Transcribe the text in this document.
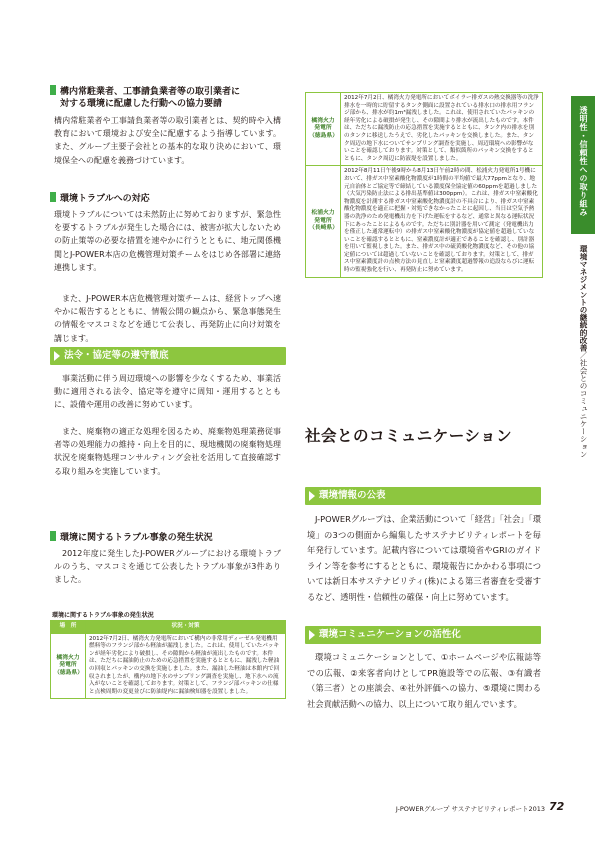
構内常駐業者、工事請負業者等の取引業者に
対する環境に配慮した行動への協力要請
構内常駐業者や工事請負業者等の取引業者とは、契約時や入構教育において環境および安全に配慮するよう指導しています。また、グループ主要子会社との基本的な取り決めにおいて、環境保全への配慮を義務づけています。
環境トラブルへの対応
環境トラブルについては未然防止に努めておりますが、緊急性を要するトラブルが発生した場合には、被害が拡大しないための防止策等の必要な措置を速やかに行うとともに、地元関係機関とJ-POWER本店の危機管理対策チームをはじめ各部署に連絡連携します。
また、J-POWER本店危機管理対策チームは、経営トップへ速やかに報告するとともに、情報公開の観点から、緊急事態発生の情報をマスコミなどを通じて公表し、再発防止に向け対策を講じます。
法令・協定等の遵守徹底
事業活動に伴う周辺環境への影響を少なくするため、事業活動に適用される法令、協定等を遵守に周知・運用するとともに、設備や運用の改善に努めています。
また、廃棄物の適正な処理を図るため、廃棄物処理業務従事者等の処理能力の維持・向上を目的に、現地機関の廃棄物処理状況を廃棄物処理コンサルティング会社を活用して直接確認する取り組みを実施しています。
環境に関するトラブル事象の発生状況
2012年度に発生したJ-POWERグループにおける環境トラブルのうち、マスコミを通じて公表したトラブル事象が3件ありました。
環境に関するトラブル事象の発生状況
場　所	状況・対策
橘湾火力発電所（徳島県）	2012年7月2日、橘湾火力発電所において構内の非常用ディーゼル発電機用燃料等のフランジ部から軽油が漏洩しました。これは、使用していたパッキンが経年劣化により破損し、その隙間から軽油が流出したものです。本件は、ただちに漏油防止のための応急措置を実施するとともに、漏洩した軽油の回収とパッキンの交換を実施しました。また、漏油した軽油は本館内で回収されましたが、構内の地下水のサンプリング調査を実施し、地下水への流入がないことを確認しております。対策として、フランジ部パッキンの仕様と点検周期の変更並びに防油堤内に漏油検知器を設置しました。
橘湾火力発電所（徳島県）	2012年7月2日、橘湾火力発電所においてボイラー排ガスの熱交換器等の洗浄排水を一時的に貯留するタンク側面に設置されている排水口の排水用フランジ部から、排水が約1m³漏洩しました。これは、使用されていたパッキンの経年劣化による破損が発生し、その隙間より排水が流出したものです。本件は、ただちに漏洩防止の応急措置を実施するとともに、タンク内の排水を別のタンクに移送したうえで、劣化したパッキンを交換しました。また、タンク周辺の地下水についてサンプリング調査を実施し、周辺環境への影響がないことを確認しております。対策として、類似箇所のパッキン交換をするとともに、タンク周辺に防液堤を設置しました。
松浦火力発電所（長崎県）	2012年8月11日午後9時から8月13日午前2時の間、松浦火力発電所1号機において、排ガス中窒素酸化物濃度が1時間の平均値で最大77ppmとなり、地元自治体とご協定等で締結している濃度保全協定値の60ppmを超過しました（大気汚染防止法による排出基準値は300ppm）。これは、排ガス中窒素酸化物濃度を計測する排ガス中窒素酸化物濃度計の不具合により、排ガス中窒素酸化物濃度を適正に把握・対処できなかったことに起因し、当日は空気予熱器の洗浄のため発電機出力を下げた運転をするなど、通常と異なる運転状況下にあったことによるものです。ただちに別計器を用いて測定（発電機出力を僅正した通常運転中）の排ガス中窒素酸化物濃度が協定値を超過していないことを確認するとともに、窒素濃度計が適正であることを確認し、別計器を用いて監視しました。また、排ガス中の硫黄酸化物濃度など、その他の協定値については超過していないことを確認しております。対策として、排ガス中窒素濃度計の点検方法の見直しと窒素濃度超過警報の追設ならびに運転時の監視強化を行い、再発防止に努めています。
社会とのコミュニケーション
環境情報の公表
J-POWERグループは、企業活動について「経営」「社会」「環境」の3つの側面から編集したサステナビリティレポートを毎年発行しています。記載内容については環境省やGRIのガイドライン等を参考にするとともに、環境報告にかかわる事項については新日本サステナビリティ(株)による第三者審査を受審するなど、透明性・信頼性の確保・向上に努めています。
環境コミュニケーションの活性化
環境コミュニケーションとして、①ホームページや広報誌等での広報、②来客者向けとしてPR施設等での広報、③有識者（第三者）との座談会、④社外評価への協力、⑤環境に関わる社会貢献活動への協力、以上について取り組んでいます。
透明性・信頼性への取り組み
環境マネジメントの継続的改善／社会とのコミュニケーション
J-POWERグループ サステナビリティレポート2013 72
